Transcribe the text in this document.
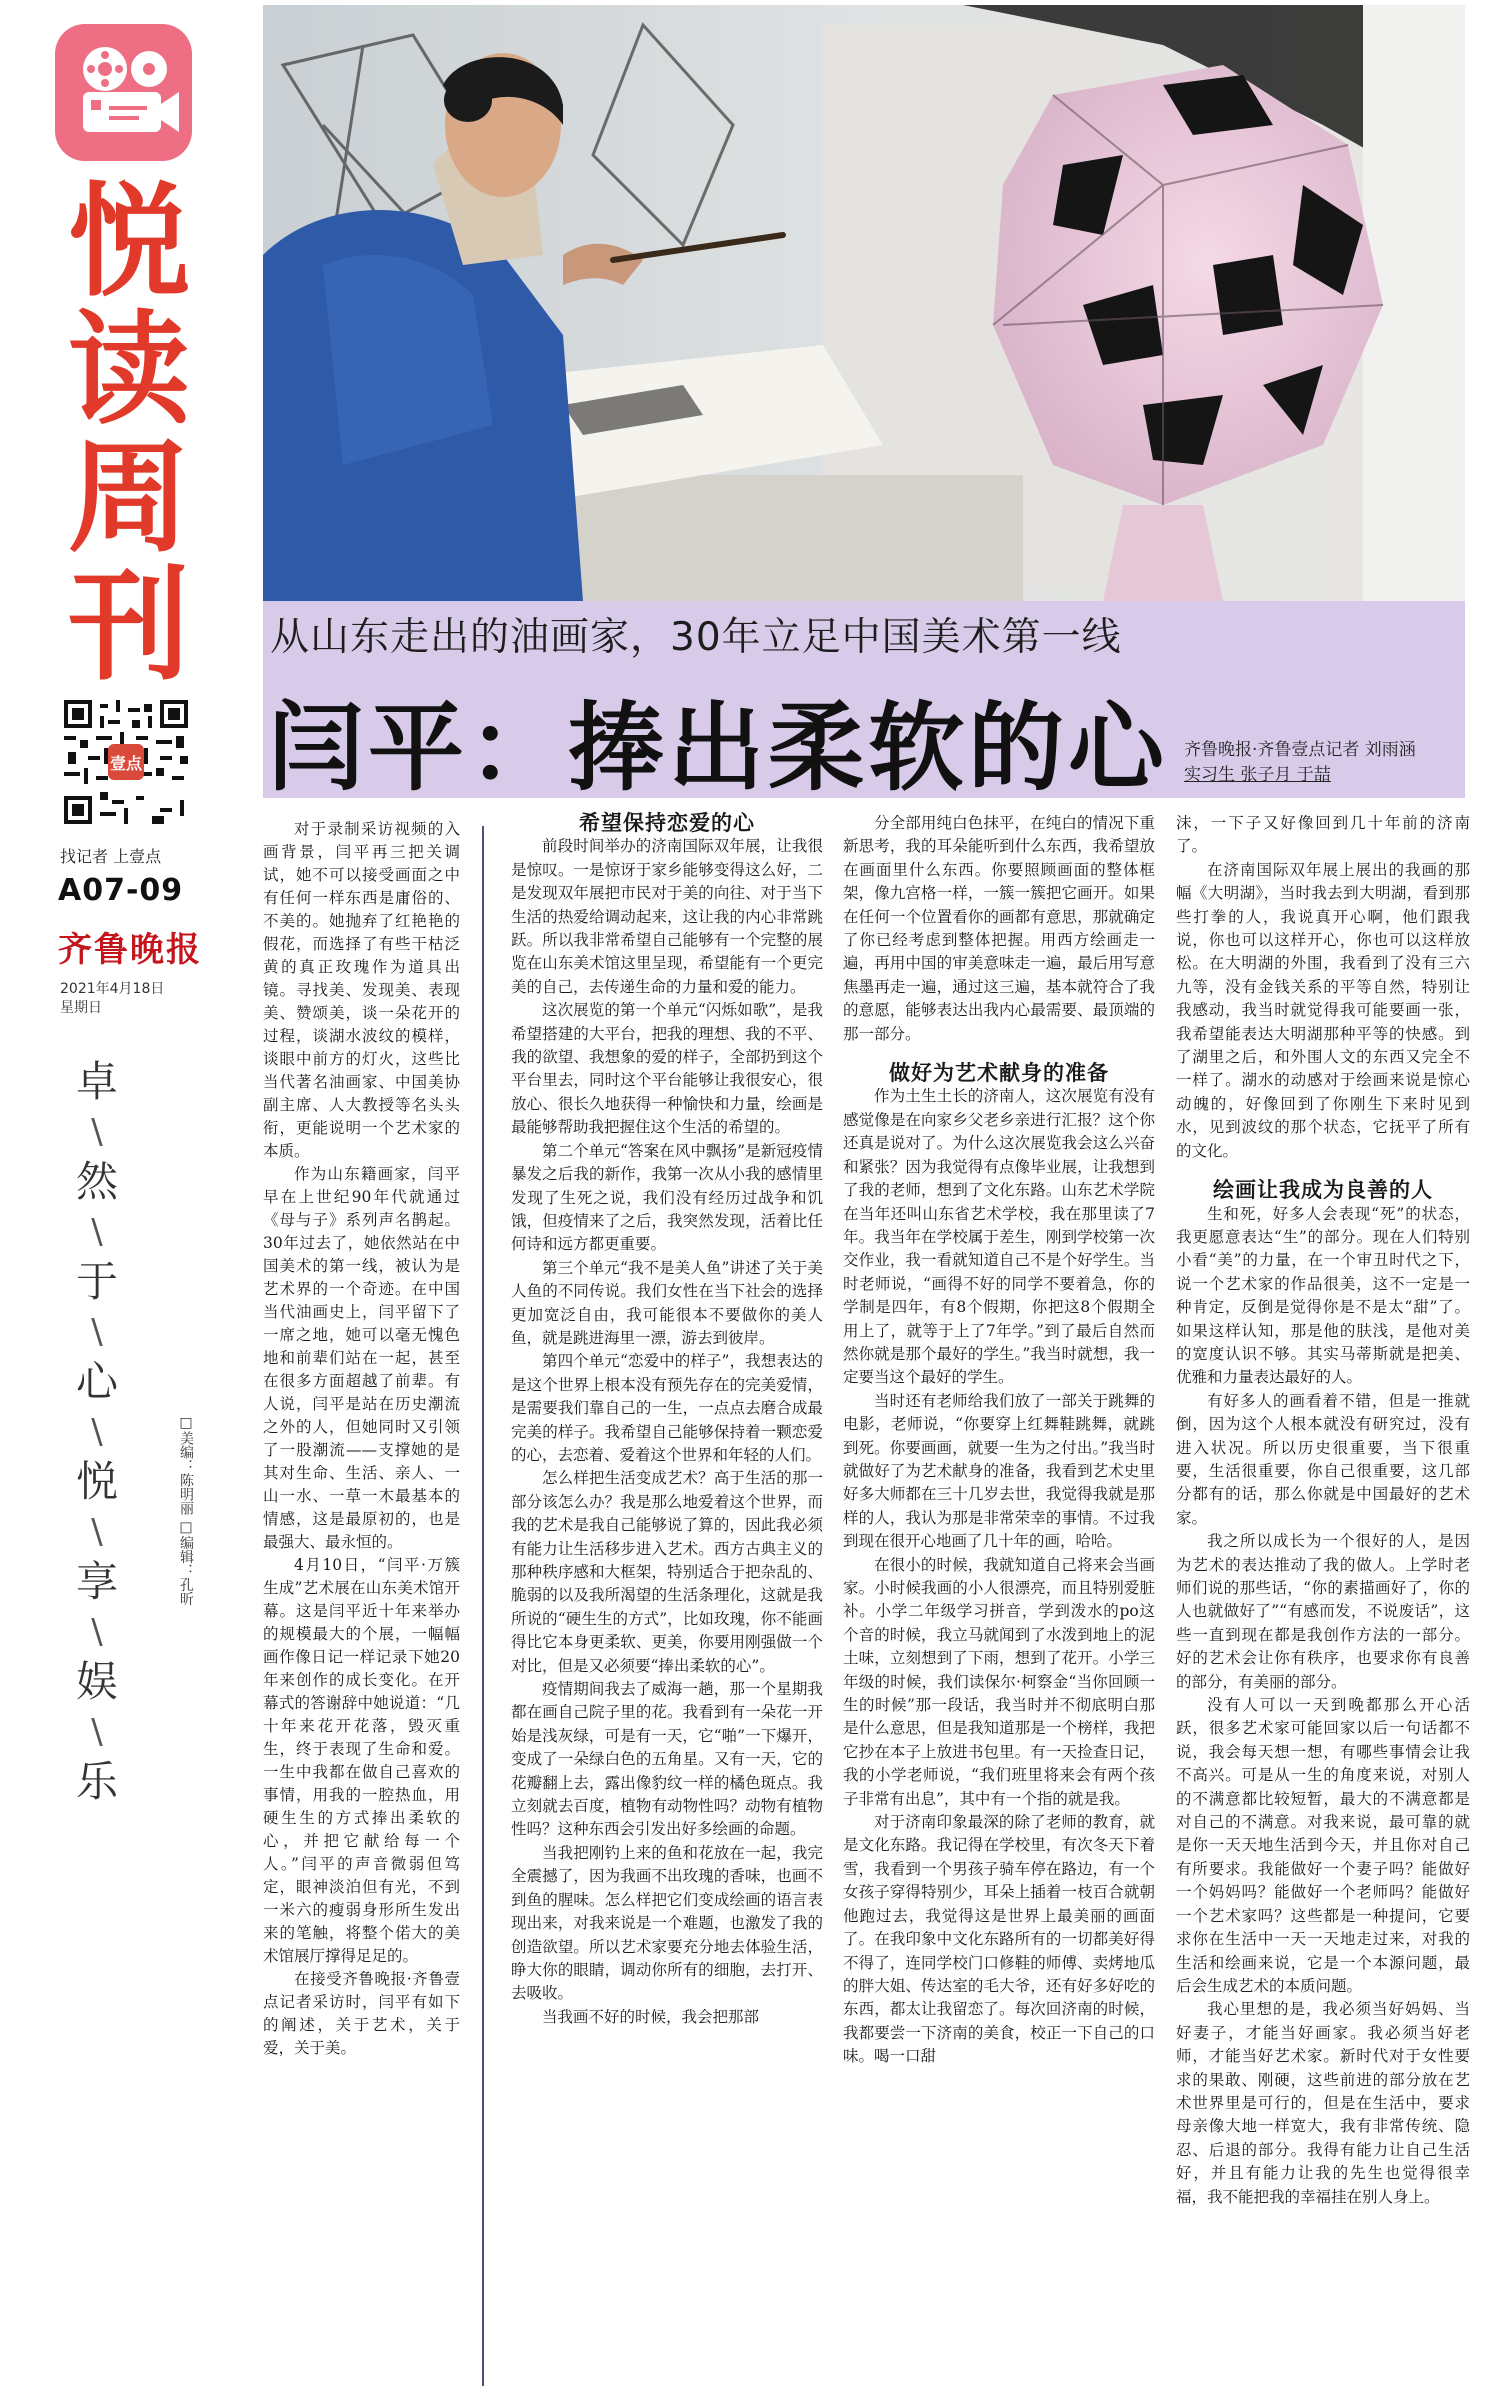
悦
读
周
刊
壹点
找记者 上壹点
A07-09
齐鲁晚报
2021年4月18日
星期日
卓
\
然
\
于
\
心
\
悦
\
享
\
娱
\
乐
□美编：陈明丽 □编辑：孔昕
从山东走出的油画家，30年立足中国美术第一线
闫平：捧出柔软的心 齐鲁晚报·齐鲁壹点记者 刘雨涵
实习生 张子月 于喆

对于录制采访视频的入画背景，闫平再三把关调试，她不可以接受画面之中有任何一样东西是庸俗的、不美的。她抛弃了红艳艳的假花，而选择了有些干枯泛黄的真正玫瑰作为道具出镜。寻找美、发现美、表现美、赞颂美，谈一朵花开的过程，谈湖水波纹的模样，谈眼中前方的灯火，这些比当代著名油画家、中国美协副主席、人大教授等名头头衔，更能说明一个艺术家的本质。

作为山东籍画家，闫平早在上世纪90年代就通过《母与子》系列声名鹊起。30年过去了，她依然站在中国美术的第一线，被认为是艺术界的一个奇迹。在中国当代油画史上，闫平留下了一席之地，她可以毫无愧色地和前辈们站在一起，甚至在很多方面超越了前辈。有人说，闫平是站在历史潮流之外的人，但她同时又引领了一股潮流——支撑她的是其对生命、生活、亲人、一山一水、一草一木最基本的情感，这是最原初的，也是最强大、最永恒的。

4月10日，“闫平·万簇生成”艺术展在山东美术馆开幕。这是闫平近十年来举办的规模最大的个展，一幅幅画作像日记一样记录下她20年来创作的成长变化。在开幕式的答谢辞中她说道：“几十年来花开花落，毁灭重生，终于表现了生命和爱。一生中我都在做自己喜欢的事情，用我的一腔热血，用硬生生的方式捧出柔软的心，并把它献给每一个人。”闫平的声音微弱但笃定，眼神淡泊但有光，不到一米六的瘦弱身形所生发出来的笔触，将整个偌大的美术馆展厅撑得足足的。

在接受齐鲁晚报·齐鲁壹点记者采访时，闫平有如下的阐述，关于艺术，关于爱，关于美。

希望保持恋爱的心

前段时间举办的济南国际双年展，让我很是惊叹。一是惊讶于家乡能够变得这么好，二是发现双年展把市民对于美的向往、对于当下生活的热爱给调动起来，这让我的内心非常跳跃。所以我非常希望自己能够有一个完整的展览在山东美术馆这里呈现，希望能有一个更完美的自己，去传递生命的力量和爱的能力。

这次展览的第一个单元“闪烁如歌”，是我希望搭建的大平台，把我的理想、我的不平、我的欲望、我想象的爱的样子，全部扔到这个平台里去，同时这个平台能够让我很安心，很放心、很长久地获得一种愉快和力量，绘画是最能够帮助我把握住这个生活的希望的。

第二个单元“答案在风中飘扬”是新冠疫情暴发之后我的新作，我第一次从小我的感情里发现了生死之说，我们没有经历过战争和饥饿，但疫情来了之后，我突然发现，活着比任何诗和远方都更重要。

第三个单元“我不是美人鱼”讲述了关于美人鱼的不同传说。我们女性在当下社会的选择更加宽泛自由，我可能很本不要做你的美人鱼，就是跳进海里一漂，游去到彼岸。

第四个单元“恋爱中的样子”，我想表达的是这个世界上根本没有预先存在的完美爱情，是需要我们靠自己的一生，一点点去磨合成最完美的样子。我希望自己能够保持着一颗恋爱的心，去恋着、爱着这个世界和年轻的人们。

怎么样把生活变成艺术？高于生活的那一部分该怎么办？我是那么地爱着这个世界，而我的艺术是我自己能够说了算的，因此我必须有能力让生活移步进入艺术。西方古典主义的那种秩序感和大框架，特别适合于把杂乱的、脆弱的以及我所渴望的生活条理化，这就是我所说的“硬生生的方式”，比如玫瑰，你不能画得比它本身更柔软、更美，你要用刚强做一个对比，但是又必须要“捧出柔软的心”。

疫情期间我去了威海一趟，那一个星期我都在画自己院子里的花。我看到有一朵花一开始是浅灰绿，可是有一天，它“啪”一下爆开，变成了一朵绿白色的五角星。又有一天，它的花瓣翻上去，露出像豹纹一样的橘色斑点。我立刻就去百度，植物有动物性吗？动物有植物性吗？这种东西会引发出好多绘画的命题。

当我把刚钓上来的鱼和花放在一起，我完全震撼了，因为我画不出玫瑰的香味，也画不到鱼的腥味。怎么样把它们变成绘画的语言表现出来，对我来说是一个难题，也激发了我的创造欲望。所以艺术家要充分地去体验生活，睁大你的眼睛，调动你所有的细胞，去打开、去吸收。

当我画不好的时候，我会把那部

分全部用纯白色抹平，在纯白的情况下重新思考，我的耳朵能听到什么东西，我希望放在画面里什么东西。你要照顾画面的整体框架，像九宫格一样，一簇一簇把它画开。如果在任何一个位置看你的画都有意思，那就确定了你已经考虑到整体把握。用西方绘画走一遍，再用中国的审美意味走一遍，最后用写意焦墨再走一遍，通过这三遍，基本就符合了我的意愿，能够表达出我内心最需要、最顶端的那一部分。

做好为艺术献身的准备

作为土生土长的济南人，这次展览有没有感觉像是在向家乡父老乡亲进行汇报？这个你还真是说对了。为什么这次展览我会这么兴奋和紧张？因为我觉得有点像毕业展，让我想到了我的老师，想到了文化东路。山东艺术学院在当年还叫山东省艺术学校，我在那里读了7年。我当年在学校属于差生，刚到学校第一次交作业，我一看就知道自己不是个好学生。当时老师说，“画得不好的同学不要着急，你的学制是四年，有8个假期，你把这8个假期全用上了，就等于上了7年学。”到了最后自然而然你就是那个最好的学生。”我当时就想，我一定要当这个最好的学生。

当时还有老师给我们放了一部关于跳舞的电影，老师说，“你要穿上红舞鞋跳舞，就跳到死。你要画画，就要一生为之付出。”我当时就做好了为艺术献身的准备，我看到艺术史里好多大师都在三十几岁去世，我觉得我就是那样的人，我认为那是非常荣幸的事情。不过我到现在很开心地画了几十年的画，哈哈。

在很小的时候，我就知道自己将来会当画家。小时候我画的小人很漂亮，而且特别爱脏补。小学二年级学习拼音，学到泼水的po这个音的时候，我立马就闻到了水泼到地上的泥土味，立刻想到了下雨，想到了花开。小学三年级的时候，我们读保尔·柯察金“当你回顾一生的时候”那一段话，我当时并不彻底明白那是什么意思，但是我知道那是一个榜样，我把它抄在本子上放进书包里。有一天捡查日记，我的小学老师说，“我们班里将来会有两个孩子非常有出息”，其中有一个指的就是我。

对于济南印象最深的除了老师的教育，就是文化东路。我记得在学校里，有次冬天下着雪，我看到一个男孩子骑车停在路边，有一个女孩子穿得特别少，耳朵上插着一枝百合就朝他跑过去，我觉得这是世界上最美丽的画面了。在我印象中文化东路所有的一切都美好得不得了，连同学校门口修鞋的师傅、卖烤地瓜的胖大姐、传达室的毛大爷，还有好多好吃的东西，都太让我留恋了。每次回济南的时候，我都要尝一下济南的美食，校正一下自己的口味。喝一口甜

沫，一下子又好像回到几十年前的济南了。

在济南国际双年展上展出的我画的那幅《大明湖》，当时我去到大明湖，看到那些打拳的人，我说真开心啊，他们跟我说，你也可以这样开心，你也可以这样放松。在大明湖的外围，我看到了没有三六九等，没有金钱关系的平等自然，特别让我感动，我当时就觉得我可能要画一张，我希望能表达大明湖那种平等的快感。到了湖里之后，和外围人文的东西又完全不一样了。湖水的动感对于绘画来说是惊心动魄的，好像回到了你刚生下来时见到水，见到波纹的那个状态，它抚平了所有的文化。

绘画让我成为良善的人

生和死，好多人会表现“死”的状态，我更愿意表达“生”的部分。现在人们特别小看“美”的力量，在一个审丑时代之下，说一个艺术家的作品很美，这不一定是一种肯定，反倒是觉得你是不是太“甜”了。如果这样认知，那是他的肤浅，是他对美的宽度认识不够。其实马蒂斯就是把美、优雅和力量表达最好的人。

有好多人的画看着不错，但是一推就倒，因为这个人根本就没有研究过，没有进入状况。所以历史很重要，当下很重要，生活很重要，你自己很重要，这几部分都有的话，那么你就是中国最好的艺术家。

我之所以成长为一个很好的人，是因为艺术的表达推动了我的做人。上学时老师们说的那些话，“你的素描画好了，你的人也就做好了”“有感而发，不说废话”，这些一直到现在都是我创作方法的一部分。好的艺术会让你有秩序，也要求你有良善的部分，有美丽的部分。

没有人可以一天到晚都那么开心活跃，很多艺术家可能回家以后一句话都不说，我会每天想一想，有哪些事情会让我不高兴。可是从一生的角度来说，对别人的不满意都比较短暂，最大的不满意都是对自己的不满意。对我来说，最可靠的就是你一天天地生活到今天，并且你对自己有所要求。我能做好一个妻子吗？能做好一个妈妈吗？能做好一个老师吗？能做好一个艺术家吗？这些都是一种提问，它要求你在生活中一天一天地走过来，对我的生活和绘画来说，它是一个本源问题，最后会生成艺术的本质问题。

我心里想的是，我必须当好妈妈、当好妻子，才能当好画家。我必须当好老师，才能当好艺术家。新时代对于女性要求的果敢、刚硬，这些前进的部分放在艺术世界里是可行的，但是在生活中，要求母亲像大地一样宽大，我有非常传统、隐忍、后退的部分。我得有能力让自己生活好，并且有能力让我的先生也觉得很幸福，我不能把我的幸福挂在别人身上。
